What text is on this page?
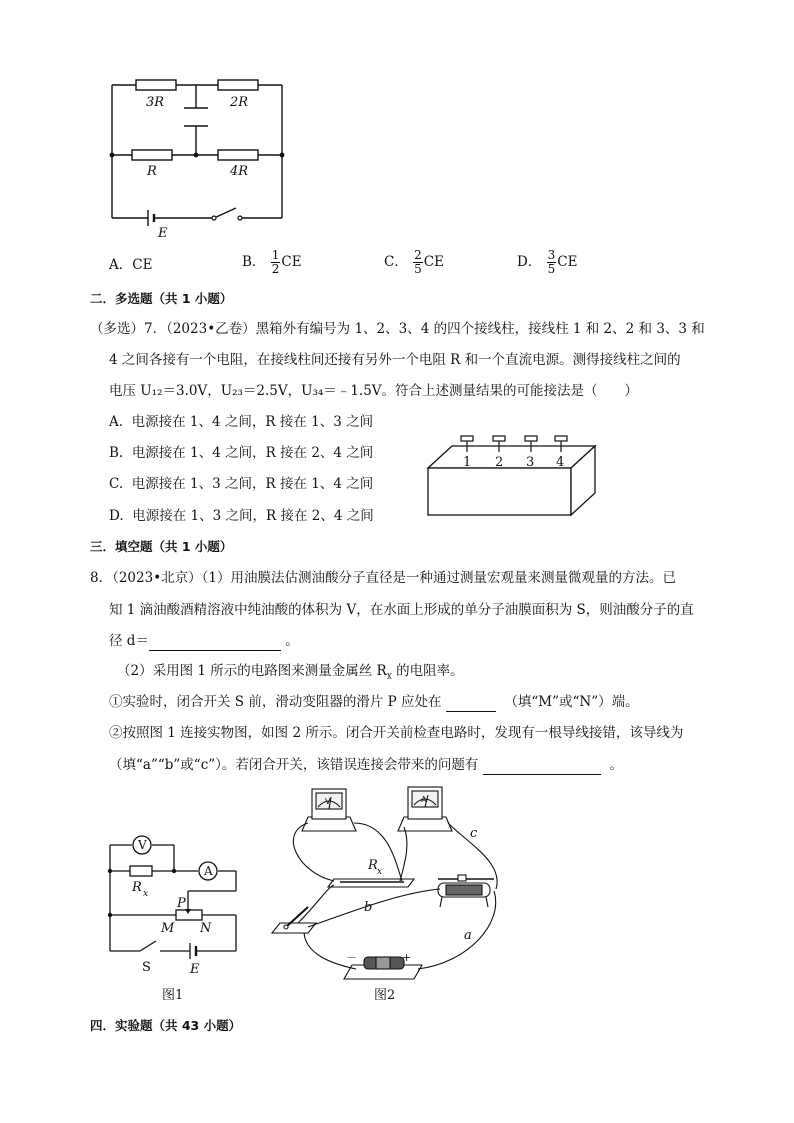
3R	2R
R	4R
E
A．CE	B． $\frac{1}{2}$ CE	C． $\frac{2}{5}$ CE	D． $\frac{3}{5}$ CE
二．多选题（共 1 小题）
（多选）7．（2023•乙卷）黑箱外有编号为 1、2、3、4 的四个接线柱，接线柱 1 和 2、2 和 3、3 和
4 之间各接有一个电阻，在接线柱间还接有另外一个电阻 R 和一个直流电源。测得接线柱之间的
电压 U₁₂＝3.0V，U₂₃＝2.5V，U₃₄＝﹣1.5V。符合上述测量结果的可能接法是（　　）
A. 电源接在 1、4 之间，R 接在 1、3 之间
B. 电源接在 1、4 之间，R 接在 2、4 之间
C. 电源接在 1、3 之间，R 接在 1、4 之间
D. 电源接在 1、3 之间，R 接在 2、4 之间
1 2 3 4
三．填空题（共 1 小题）
8．（2023•北京）（1）用油膜法估测油酸分子直径是一种通过测量宏观量来测量微观量的方法。已
知 1 滴油酸酒精溶液中纯油酸的体积为 V，在水面上形成的单分子油膜面积为 S，则油酸分子的直
径 d＝	。
（2）采用图 1 所示的电路图来测量金属丝 $R_x$ 的电阻率。
①实验时，闭合开关 S 前，滑动变阻器的滑片 P 应处在	（填“M”或“N”）端。
②按照图 1 连接实物图，如图 2 所示。闭合开关前检查电路时，发现有一根导线接错，该导线为
（填“a”“b”或“c”）。若闭合开关，该错误连接会带来的问题有	。
V
A
R x
P
M N
E
S
图1
V	A
R x
b
a
c
－	+
图2
四．实验题（共 43 小题）
